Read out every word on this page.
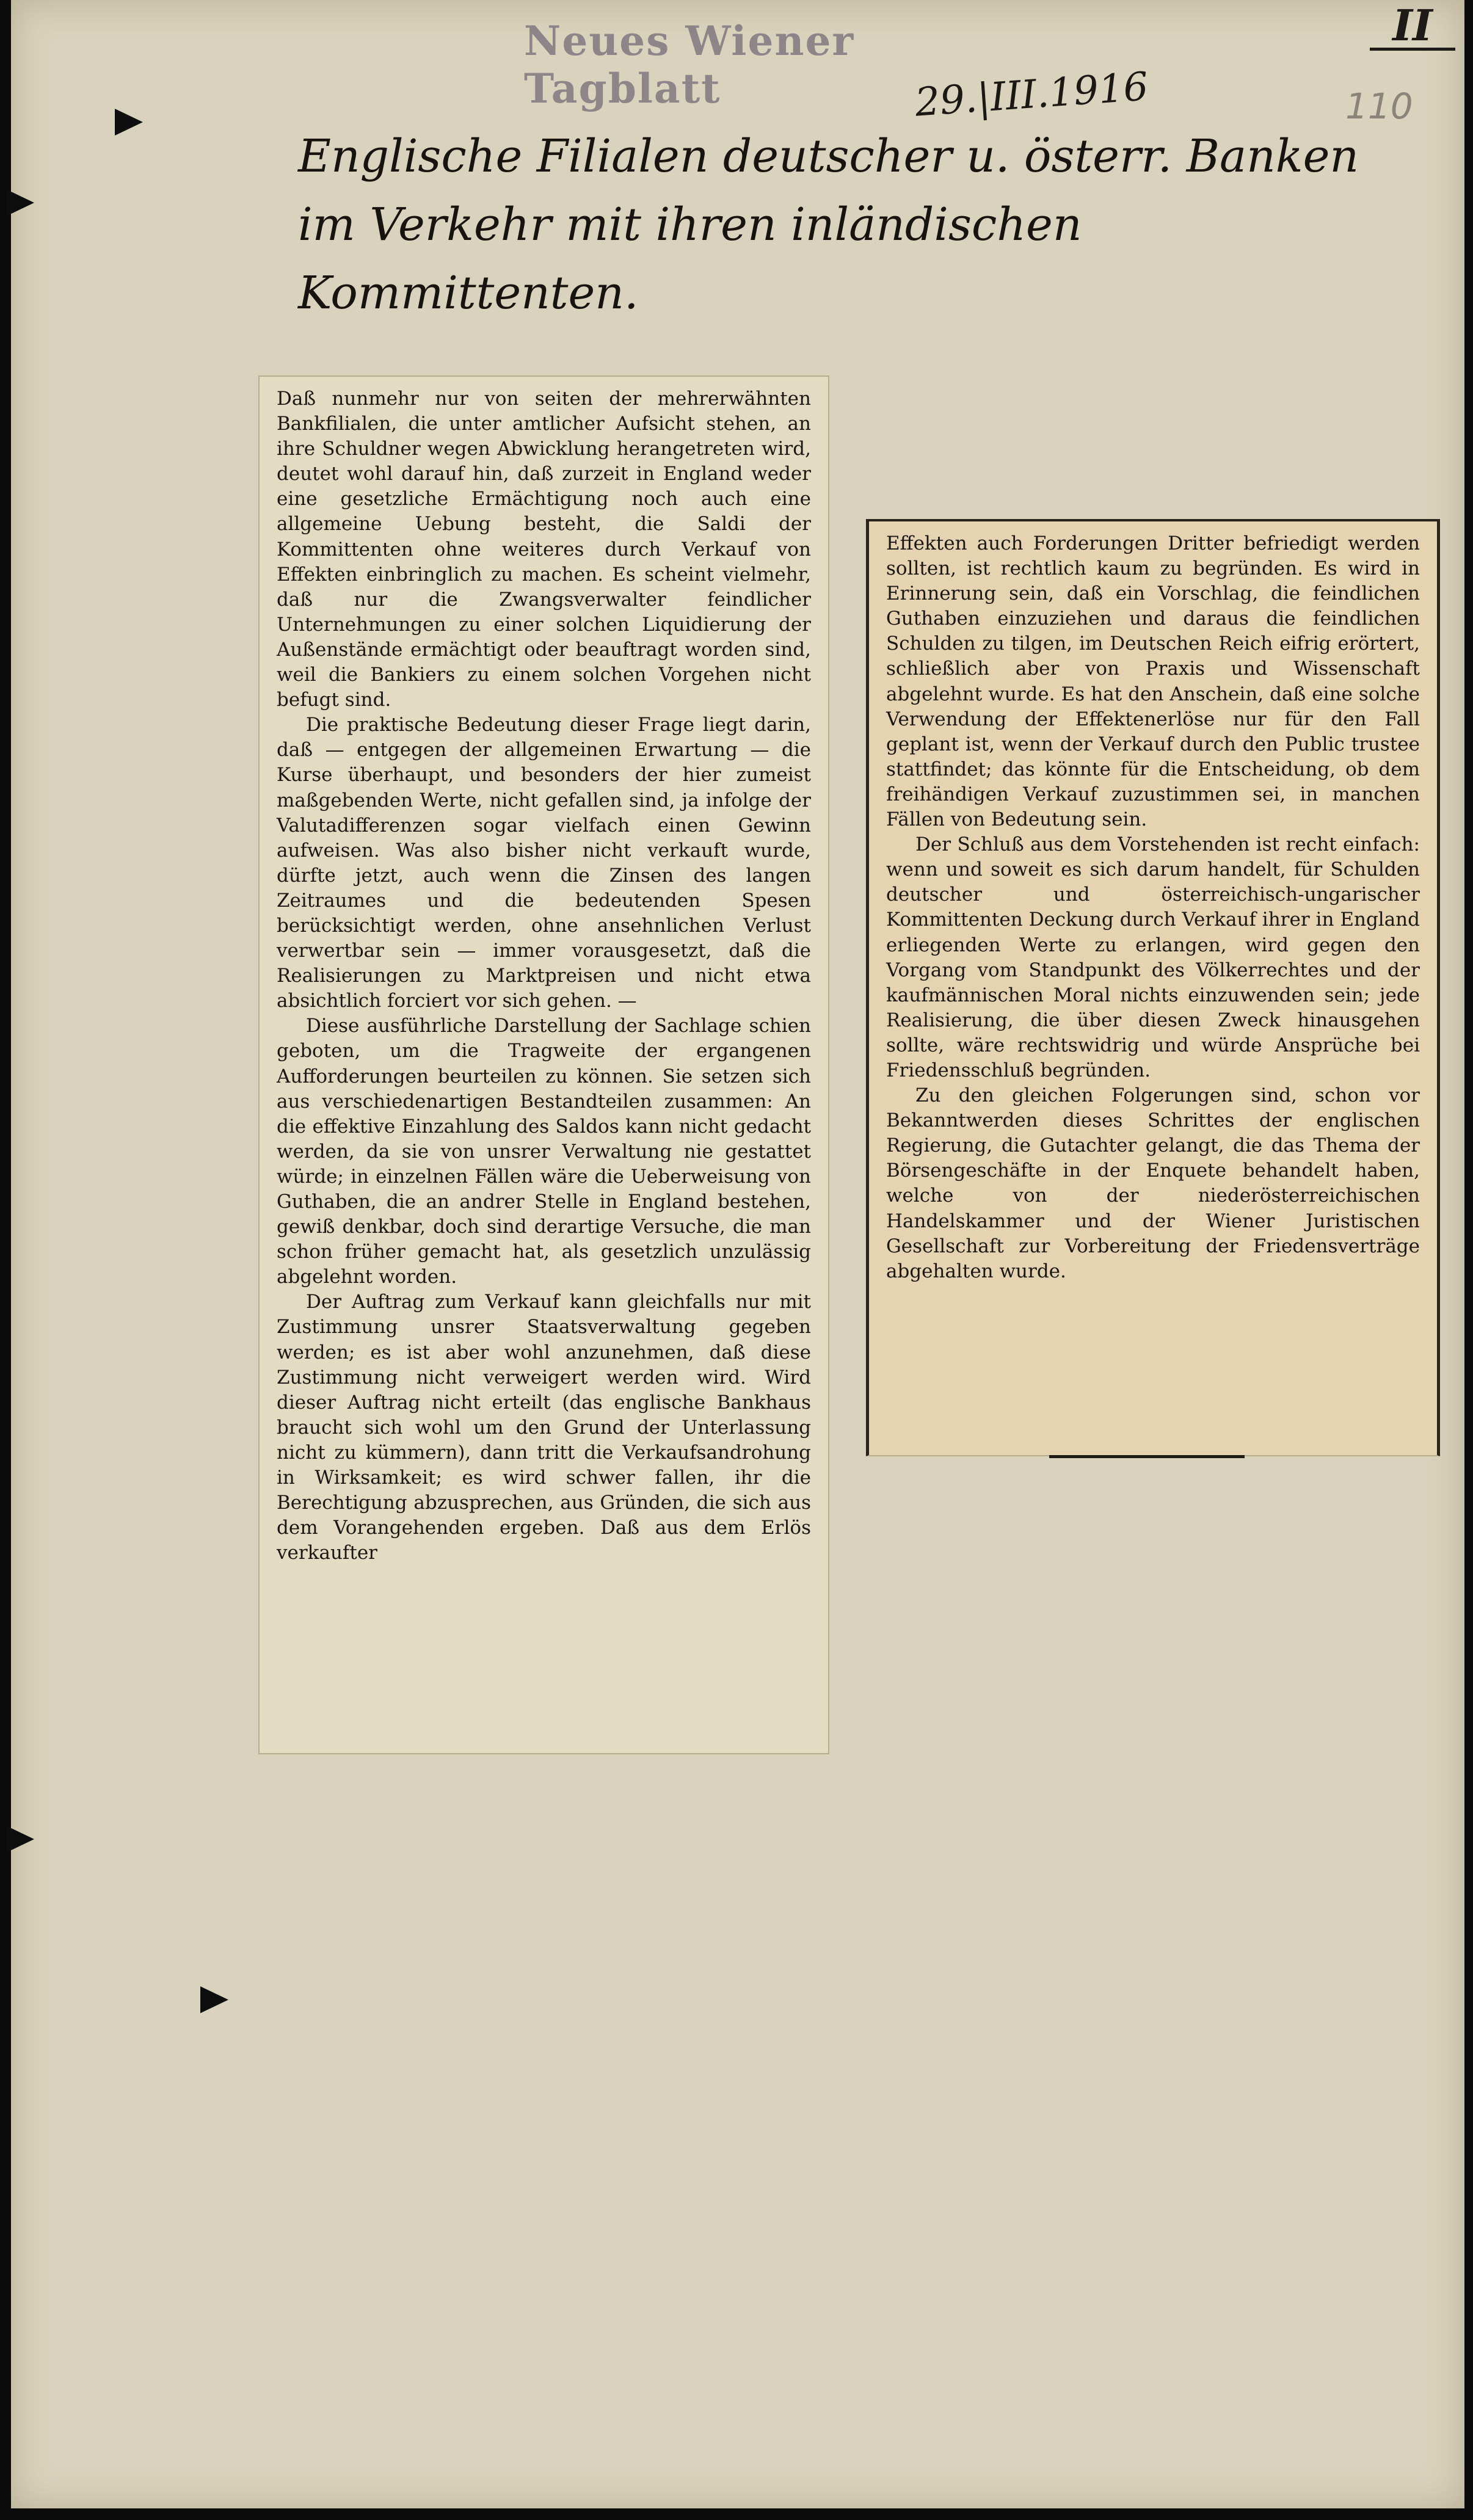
Neues Wiener Tagblatt
II
29.|III.1916	110
Englische Filialen deutscher u. österr. Banken im Verkehr mit ihren inländischen Kommittenten.

Daß nunmehr nur von seiten der mehrerwähnten Bankfilialen, die unter amtlicher Aufsicht stehen, an ihre Schuldner wegen Abwicklung herangetreten wird, deutet wohl darauf hin, daß zurzeit in England weder eine gesetzliche Ermächtigung noch auch eine allgemeine Uebung besteht, die Saldi der Kommittenten ohne weiteres durch Verkauf von Effekten einbringlich zu machen. Es scheint vielmehr, daß nur die Zwangsverwalter feindlicher Unternehmungen zu einer solchen Liquidierung der Außenstände ermächtigt oder beauftragt worden sind, weil die Bankiers zu einem solchen Vorgehen nicht befugt sind.

Die praktische Bedeutung dieser Frage liegt darin, daß — entgegen der allgemeinen Erwartung — die Kurse überhaupt, und besonders der hier zumeist maßgebenden Werte, nicht gefallen sind, ja infolge der Valutadifferenzen sogar vielfach einen Gewinn aufweisen. Was also bisher nicht verkauft wurde, dürfte jetzt, auch wenn die Zinsen des langen Zeitraumes und die bedeutenden Spesen berücksichtigt werden, ohne ansehnlichen Verlust verwertbar sein — immer vorausgesetzt, daß die Realisierungen zu Marktpreisen und nicht etwa absichtlich forciert vor sich gehen. —

Diese ausführliche Darstellung der Sachlage schien geboten, um die Tragweite der ergangenen Aufforderungen beurteilen zu können. Sie setzen sich aus verschiedenartigen Bestandteilen zusammen: An die effektive Einzahlung des Saldos kann nicht gedacht werden, da sie von unsrer Verwaltung nie gestattet würde; in einzelnen Fällen wäre die Ueberweisung von Guthaben, die an andrer Stelle in England bestehen, gewiß denkbar, doch sind derartige Versuche, die man schon früher gemacht hat, als gesetzlich unzulässig abgelehnt worden.

Der Auftrag zum Verkauf kann gleichfalls nur mit Zustimmung unsrer Staatsverwaltung gegeben werden; es ist aber wohl anzunehmen, daß diese Zustimmung nicht verweigert werden wird. Wird dieser Auftrag nicht erteilt (das englische Bankhaus braucht sich wohl um den Grund der Unterlassung nicht zu kümmern), dann tritt die Verkaufsandrohung in Wirksamkeit; es wird schwer fallen, ihr die Berechtigung abzusprechen, aus Gründen, die sich aus dem Vorangehenden ergeben. Daß aus dem Erlös verkaufter

Effekten auch Forderungen Dritter befriedigt werden sollten, ist rechtlich kaum zu begründen. Es wird in Erinnerung sein, daß ein Vorschlag, die feindlichen Guthaben einzuziehen und daraus die feindlichen Schulden zu tilgen, im Deutschen Reich eifrig erörtert, schließlich aber von Praxis und Wissenschaft abgelehnt wurde. Es hat den Anschein, daß eine solche Verwendung der Effektenerlöse nur für den Fall geplant ist, wenn der Verkauf durch den Public trustee stattfindet; das könnte für die Entscheidung, ob dem freihändigen Verkauf zuzustimmen sei, in manchen Fällen von Bedeutung sein.

Der Schluß aus dem Vorstehenden ist recht einfach: wenn und soweit es sich darum handelt, für Schulden deutscher und österreichisch-ungarischer Kommittenten Deckung durch Verkauf ihrer in England erliegenden Werte zu erlangen, wird gegen den Vorgang vom Standpunkt des Völkerrechtes und der kaufmännischen Moral nichts einzuwenden sein; jede Realisierung, die über diesen Zweck hinausgehen sollte, wäre rechtswidrig und würde Ansprüche bei Friedensschluß begründen.

Zu den gleichen Folgerungen sind, schon vor Bekanntwerden dieses Schrittes der englischen Regierung, die Gutachter gelangt, die das Thema der Börsengeschäfte in der Enquete behandelt haben, welche von der niederösterreichischen Handelskammer und der Wiener Juristischen Gesellschaft zur Vorbereitung der Friedensverträge abgehalten wurde.
